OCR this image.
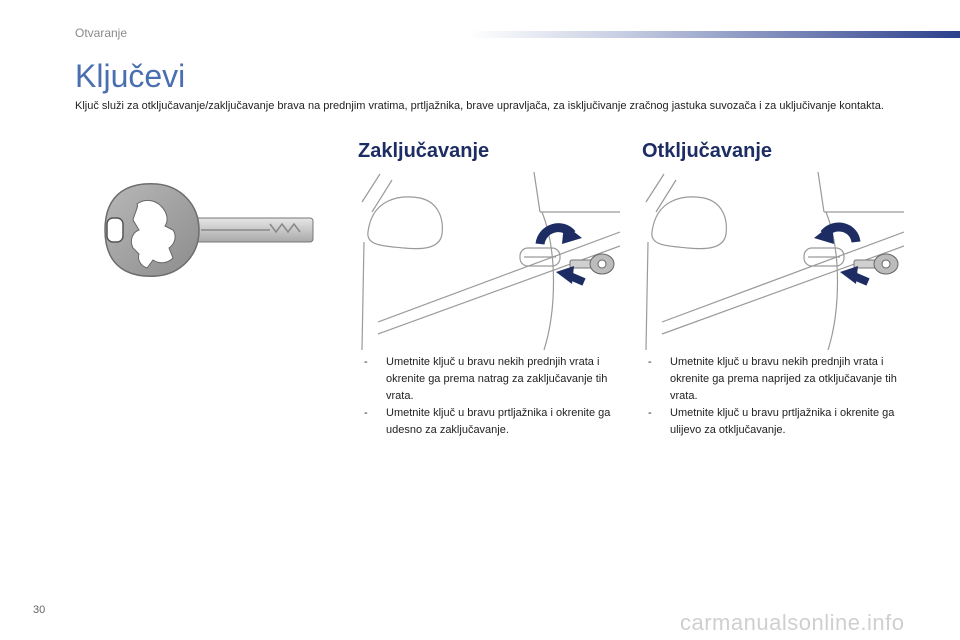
Otvaranje
Ključevi

Ključ služi za otključavanje/zaključavanje brava na prednjim vratima, prtljažnika, brave upravljača, za isključivanje zračnog jastuka suvozača i za uključivanje kontakta.

Zaključavanje
- Umetnite ključ u bravu nekih prednjih vrata i okrenite ga prema natrag za zaključavanje tih vrata.
- Umetnite ključ u bravu prtljažnika i okrenite ga udesno za zaključavanje.
Otključavanje
- Umetnite ključ u bravu nekih prednjih vrata i okrenite ga prema naprijed za otključavanje tih vrata.
- Umetnite ključ u bravu prtljažnika i okrenite ga ulijevo za otključavanje.
30	carmanualsonline.info
